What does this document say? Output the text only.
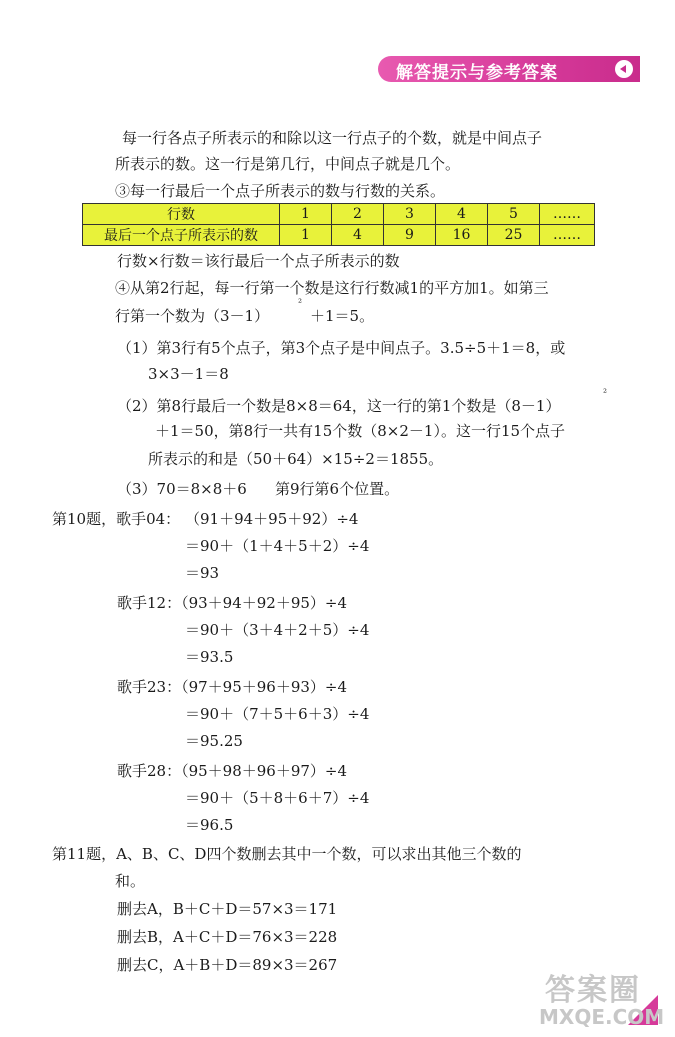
解答提示与参考答案
每一行各点子所表示的和除以这一行点子的个数，就是中间点子
所表示的数。这一行是第几行，中间点子就是几个。
③每一行最后一个点子所表示的数与行数的关系。
行数	1	2	3	4	5	……
最后一个点子所表示的数	1	4	9	16	25	……
行数×行数＝该行最后一个点子所表示的数
④从第2行起，每一行第一个数是这行行数减1的平方加1。如第三
行第一个数为（3－1）
²
＋1＝5。
（1）第3行有5个点子，第3个点子是中间点子。3.5÷5＋1＝8，或
3×3－1＝8
（2）第8行最后一个数是8×8＝64，这一行的第1个数是（8－1）
²
＋1＝50，第8行一共有15个数（8×2－1）。这一行15个点子
所表示的和是（50＋64）×15÷2＝1855。
（3）70＝8×8＋6 第9行第6个位置。
第10题，歌手04： （91＋94＋95＋92）÷4
＝90＋（1＋4＋5＋2）÷4
＝93
歌手12：（93＋94＋92＋95）÷4
＝90＋（3＋4＋2＋5）÷4
＝93.5
歌手23：（97＋95＋96＋93）÷4
＝90＋（7＋5＋6＋3）÷4
＝95.25
歌手28：（95＋98＋96＋97）÷4
＝90＋（5＋8＋6＋7）÷4
＝96.5
第11题，A、B、C、D四个数删去其中一个数，可以求出其他三个数的
和。
删去A，B＋C＋D＝57×3＝171
删去B，A＋C＋D＝76×3＝228
删去C，A＋B＋D＝89×3＝267
答案圈
MXQE.COM
